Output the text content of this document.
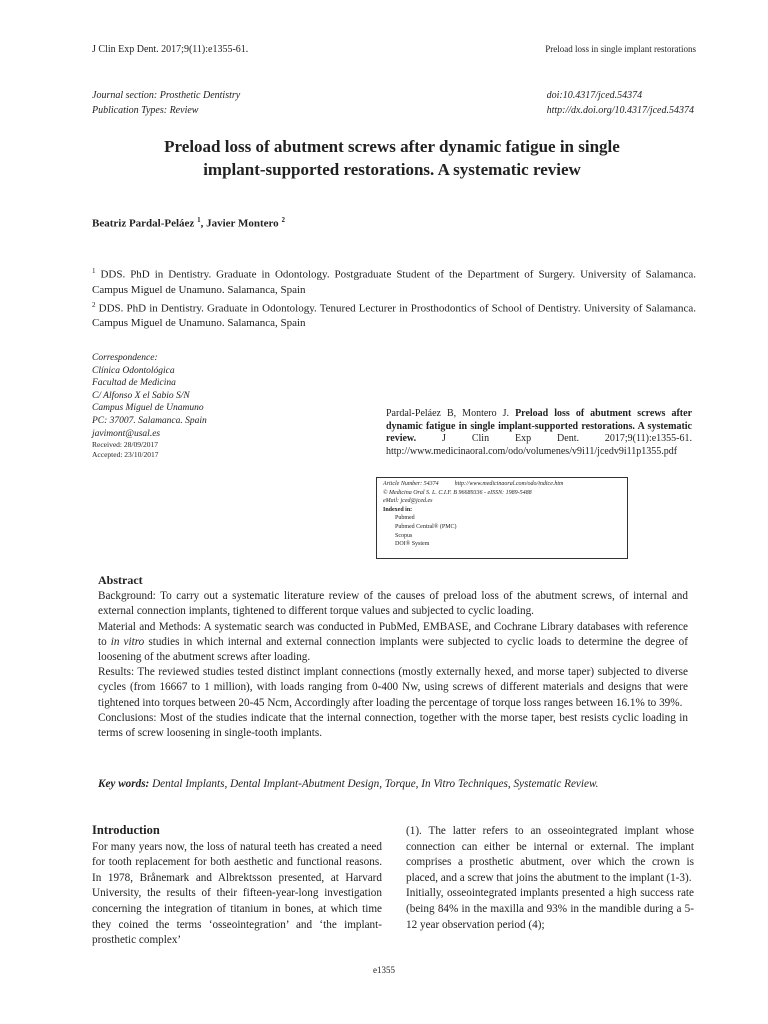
J Clin Exp Dent. 2017;9(11):e1355-61.	Preload loss in single implant restorations
Journal section: Prosthetic Dentistry
Publication Types: Review
doi:10.4317/jced.54374
http://dx.doi.org/10.4317/jced.54374
Preload loss of abutment screws after dynamic fatigue in single
implant-supported restorations. A systematic review
Beatriz Pardal-Peláez $^1$, Javier Montero $^2$

$^1$ DDS. PhD in Dentistry. Graduate in Odontology. Postgraduate Student of the Department of Surgery. University of Salamanca. Campus Miguel de Unamuno. Salamanca, Spain

$^2$ DDS. PhD in Dentistry. Graduate in Odontology. Tenured Lecturer in Prosthodontics of School of Dentistry. University of Salamanca. Campus Miguel de Unamuno. Salamanca, Spain

Correspondence:
Clínica Odontológica
Facultad de Medicina
C/ Alfonso X el Sabio S/N
Campus Miguel de Unamuno
PC: 37007. Salamanca. Spain
javimont@usal.es
Received: 28/09/2017
Accepted: 23/10/2017
Pardal-Peláez B, Montero J. Preload loss of abutment screws after dynamic fatigue in single implant-supported restorations. A systematic review.	J Clin Exp Dent. 2017;9(11):e1355-61. http://www.medicinaoral.com/odo/volumenes/v9i11/jcedv9i11p1355.pdf
Article Number: 54374	http://www.medicinaoral.com/odo/indice.htm
© Medicina Oral S. L. C.I.F. B 96689336 - eISSN: 1989-5488
eMail: jced@jced.es
Indexed in:
Pubmed
Pubmed Central® (PMC)
Scopus
DOI® System
Abstract

Background: To carry out a systematic literature review of the causes of preload loss of the abutment screws, of internal and external connection implants, tightened to different torque values and subjected to cyclic loading.

Material and Methods: A systematic search was conducted in PubMed, EMBASE, and Cochrane Library databases with reference to in vitro studies in which internal and external connection implants were subjected to cyclic loads to determine the degree of loosening of the abutment screws after loading.

Results: The reviewed studies tested distinct implant connections (mostly externally hexed, and morse taper) subjected to diverse cycles (from 16667 to 1 million), with loads ranging from 0-400 Nw, using screws of different materials and designs that were tightened into torques between 20-45 Ncm, Accordingly after loading the percentage of torque loss ranges between 16.1% to 39%.

Conclusions: Most of the studies indicate that the internal connection, together with the morse taper, best resists cyclic loading in terms of screw loosening in single-tooth implants.

Key words: Dental Implants, Dental Implant-Abutment Design, Torque, In Vitro Techniques, Systematic Review.
Introduction

For many years now, the loss of natural teeth has created a need for tooth replacement for both aesthetic and functional reasons. In 1978, Brånemark and Albrektsson presented, at Harvard University, the results of their fifteen-year-long investigation concerning the integration of titanium in bones, at which time they coined the terms ‘osseointegration’ and ‘the implant-prosthetic complex’

(1). The latter refers to an osseointegrated implant whose connection can either be internal or external. The implant comprises a prosthetic abutment, over which the crown is placed, and a screw that joins the abutment to the implant (1-3).

Initially, osseointegrated implants presented a high success rate (being 84% in the maxilla and 93% in the mandible during a 5-12 year observation period (4);

e1355
